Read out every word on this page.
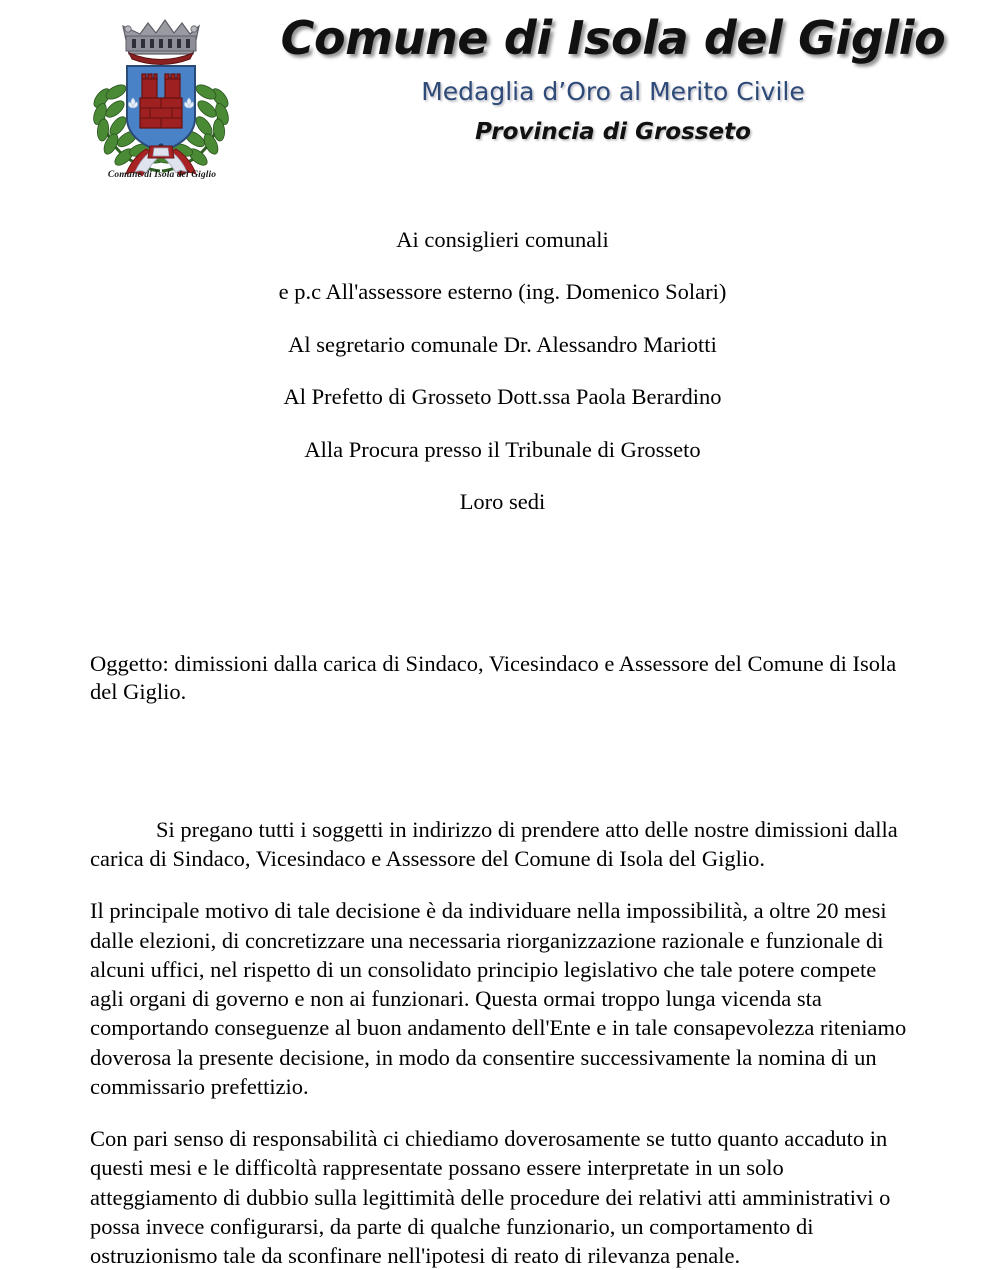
Comune di Isola del Giglio
Comune di Isola del Giglio
Medaglia d’Oro al Merito Civile
Provincia di Grosseto
Ai consiglieri comunali
e p.c All'assessore esterno (ing. Domenico Solari)
Al segretario comunale Dr. Alessandro Mariotti
Al Prefetto di Grosseto Dott.ssa Paola Berardino
Alla Procura presso il Tribunale di Grosseto
Loro sedi
Oggetto: dimissioni dalla carica di Sindaco, Vicesindaco e Assessore del Comune di Isola del Giglio.

Si pregano tutti i soggetti in indirizzo di prendere atto delle nostre dimissioni dalla carica di Sindaco, Vicesindaco e Assessore del Comune di Isola del Giglio.

Il principale motivo di tale decisione è da individuare nella impossibilità, a oltre 20 mesi dalle elezioni, di concretizzare una necessaria riorganizzazione razionale e funzionale di alcuni uffici, nel rispetto di un consolidato principio legislativo che tale potere compete agli organi di governo e non ai funzionari. Questa ormai troppo lunga vicenda sta comportando conseguenze al buon andamento dell'Ente e in tale consapevolezza riteniamo doverosa la presente decisione, in modo da consentire successivamente la nomina di un commissario prefettizio.

Con pari senso di responsabilità ci chiediamo doverosamente se tutto quanto accaduto in questi mesi e le difficoltà rappresentate possano essere interpretate in un solo atteggiamento di dubbio sulla legittimità delle procedure dei relativi atti amministrativi o possa invece configurarsi, da parte di qualche funzionario, un comportamento di ostruzionismo tale da sconfinare nell'ipotesi di reato di rilevanza penale.
